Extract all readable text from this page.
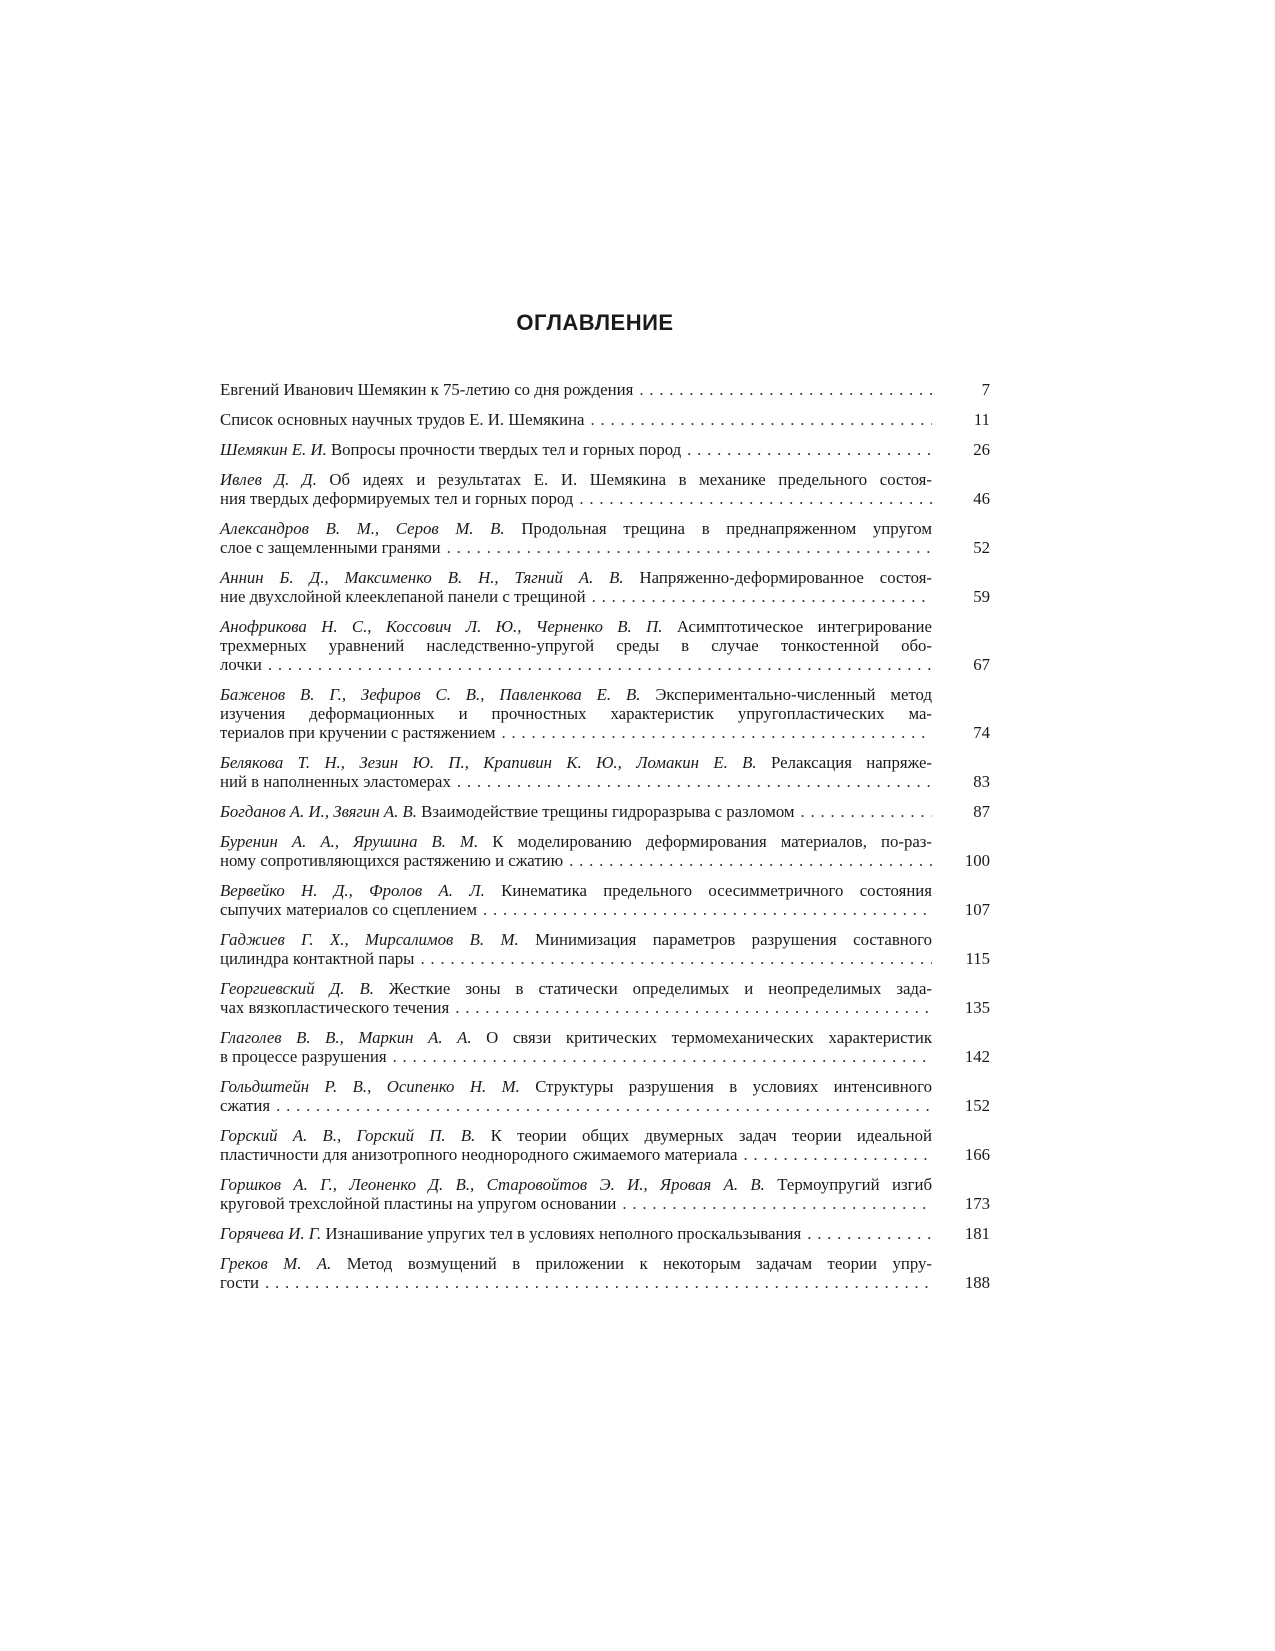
ОГЛАВЛЕНИЕ
Евгений Иванович Шемякин к 75-летию со дня рождения . . .	7
Список основных научных трудов Е. И. Шемякина . . .	11
Шемякин Е. И. Вопросы прочности твердых тел и горных пород . . .	26
Ивлев Д. Д. Об идеях и результатах Е. И. Шемякина в механике предельного состоя-
ния твердых деформируемых тел и горных пород . . .	46
Александров В. М., Серов М. В. Продольная трещина в преднапряженном упругом
слое с защемленными гранями . . .	52
Аннин Б. Д., Максименко В. Н., Тягний А. В. Напряженно-деформированное состоя-
ние двухслойной клееклепаной панели с трещиной . . .	59
Анофрикова Н. С., Коссович Л. Ю., Черненко В. П. Асимптотическое интегрирование
трехмерных уравнений наследственно-упругой среды в случае тонкостенной обо-
лочки . . .	67
Баженов В. Г., Зефиров С. В., Павленкова Е. В. Экспериментально-численный метод
изучения деформационных и прочностных характеристик упругопластических ма-
териалов при кручении с растяжением . . .	74
Белякова Т. Н., Зезин Ю. П., Крапивин К. Ю., Ломакин Е. В. Релаксация напряже-
ний в наполненных эластомерах . . .	83
Богданов А. И., Звягин А. В. Взаимодействие трещины гидроразрыва с разломом . . .	87
Буренин А. А., Ярушина В. М. К моделированию деформирования материалов, по-раз-
ному сопротивляющихся растяжению и сжатию . . .	100
Вервейко Н. Д., Фролов А. Л. Кинематика предельного осесимметричного состояния
сыпучих материалов со сцеплением . . .	107
Гаджиев Г. Х., Мирсалимов В. М. Минимизация параметров разрушения составного
цилиндра контактной пары . . .	115
Георгиевский Д. В. Жесткие зоны в статически определимых и неопределимых зада-
чах вязкопластического течения . . .	135
Глаголев В. В., Маркин А. А. О связи критических термомеханических характеристик
в процессе разрушения . . .	142
Гольдштейн Р. В., Осипенко Н. М. Структуры разрушения в условиях интенсивного
сжатия . . .	152
Горский А. В., Горский П. В. К теории общих двумерных задач теории идеальной
пластичности для анизотропного неоднородного сжимаемого материала . . .	166
Горшков А. Г., Леоненко Д. В., Старовойтов Э. И., Яровая А. В. Термоупругий изгиб
круговой трехслойной пластины на упругом основании . . .	173
Горячева И. Г. Изнашивание упругих тел в условиях неполного проскальзывания . . .	181
Греков М. А. Метод возмущений в приложении к некоторым задачам теории упру-
гости . . .	188
